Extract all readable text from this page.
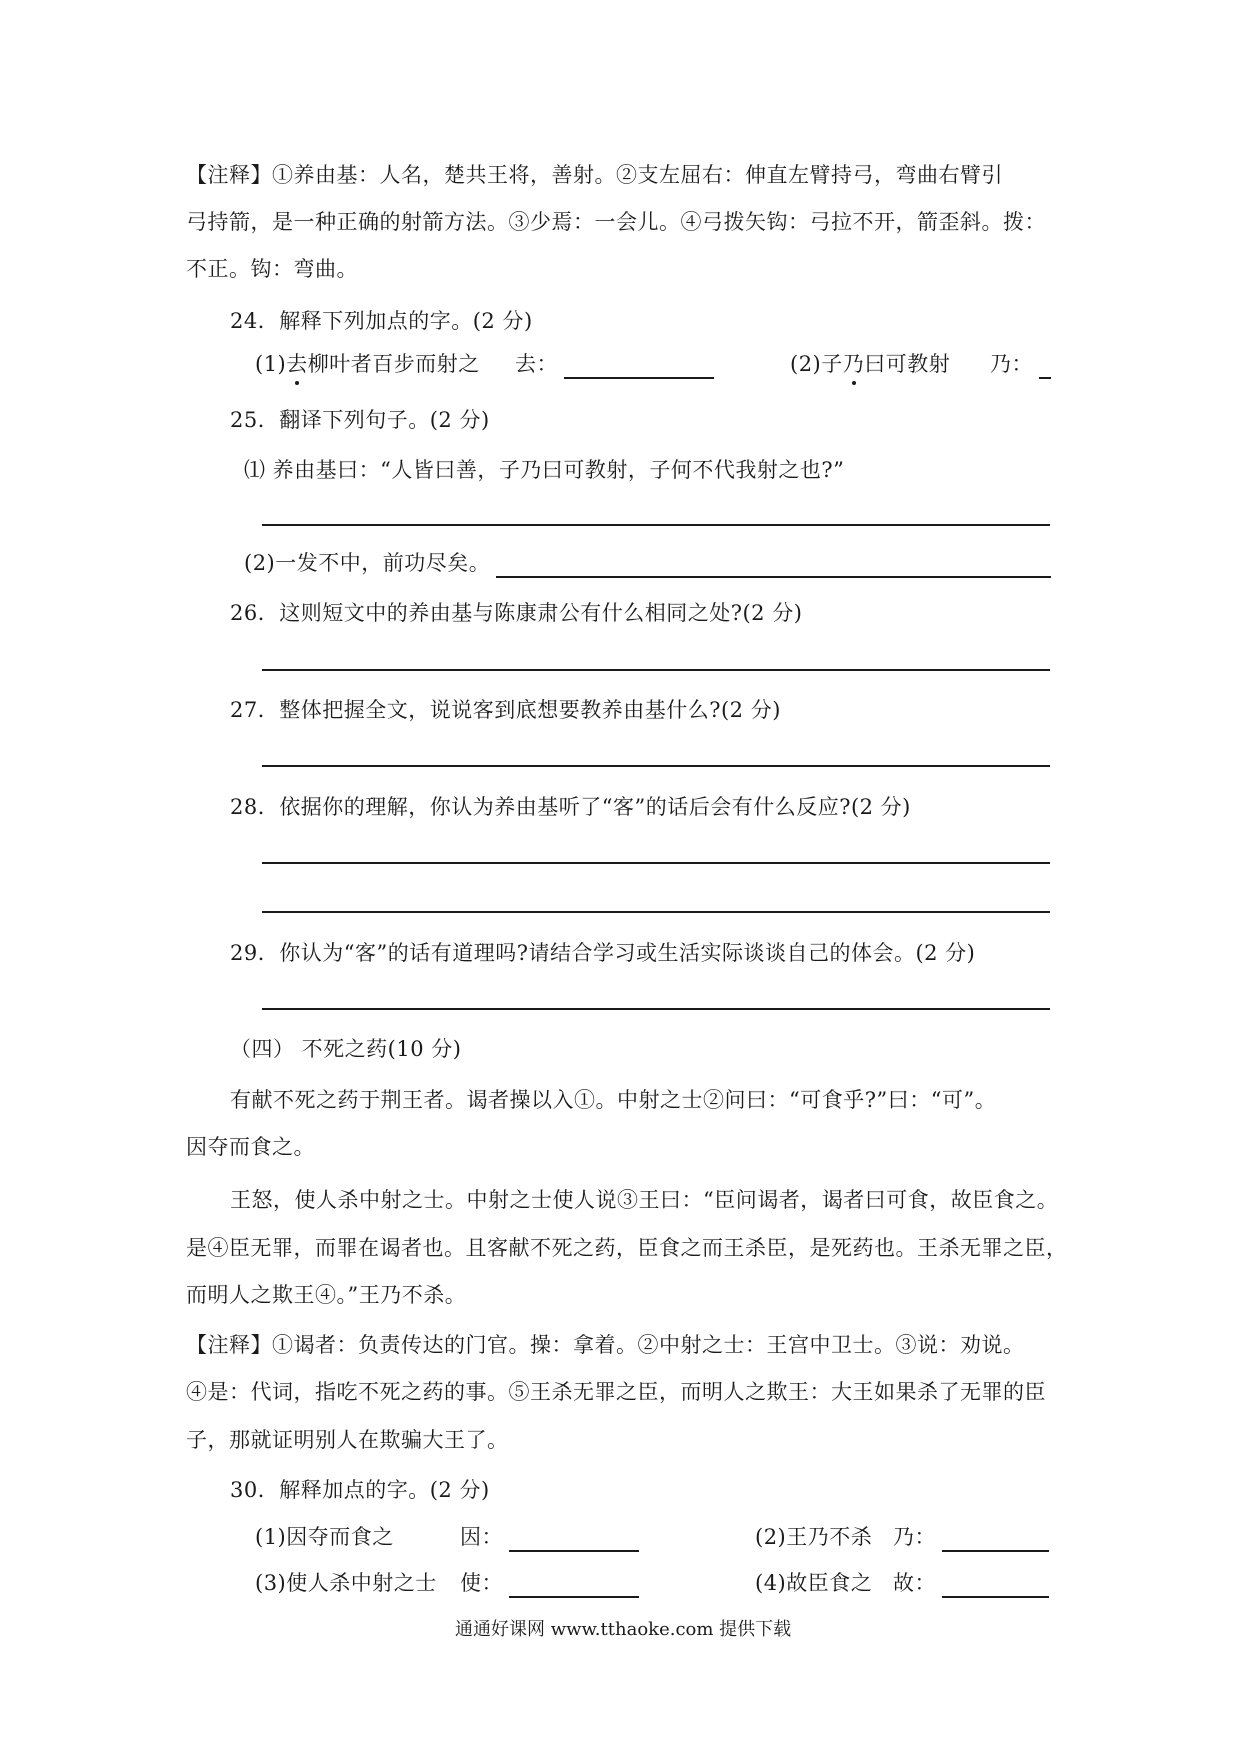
【注释】①养由基：人名，楚共王将，善射。②支左屈右：伸直左臂持弓，弯曲右臂引
弓持箭，是一种正确的射箭方法。③少焉：一会儿。④弓拨矢钩：弓拉不开，箭歪斜。拨：
不正。钩：弯曲。
24．解释下列加点的字。(2 分)
(1)去柳叶者百步而射之 去：	(2)子乃曰可教射 乃：
25．翻译下列句子。(2 分)
⑴ 养由基曰：“人皆曰善，子乃曰可教射，子何不代我射之也?”
(2)一发不中，前功尽矣。
26．这则短文中的养由基与陈康肃公有什么相同之处?(2 分)
27．整体把握全文，说说客到底想要教养由基什么?(2 分)
28．依据你的理解，你认为养由基听了“客”的话后会有什么反应?(2 分)
29．你认为“客”的话有道理吗?请结合学习或生活实际谈谈自己的体会。(2 分)
（四） 不死之药(10 分)
有献不死之药于荆王者。谒者操以入①。中射之士②问曰：“可食乎?”曰：“可”。
因夺而食之。
王怒，使人杀中射之士。中射之士使人说③王曰：“臣问谒者，谒者曰可食，故臣食之。
是④臣无罪，而罪在谒者也。且客献不死之药，臣食之而王杀臣，是死药也。王杀无罪之臣，
而明人之欺王④。”王乃不杀。
【注释】①谒者：负责传达的门官。操：拿着。②中射之士：王宫中卫士。③说：劝说。
④是：代词，指吃不死之药的事。⑤王杀无罪之臣，而明人之欺王：大王如果杀了无罪的臣
子，那就证明别人在欺骗大王了。
30．解释加点的字。(2 分)
(1)因夺而食之	因：	(2)王乃不杀 乃：
(3)使人杀中射之士 使：	(4)故臣食之 故：
通通好课网 www.tthaoke.com 提供下载
